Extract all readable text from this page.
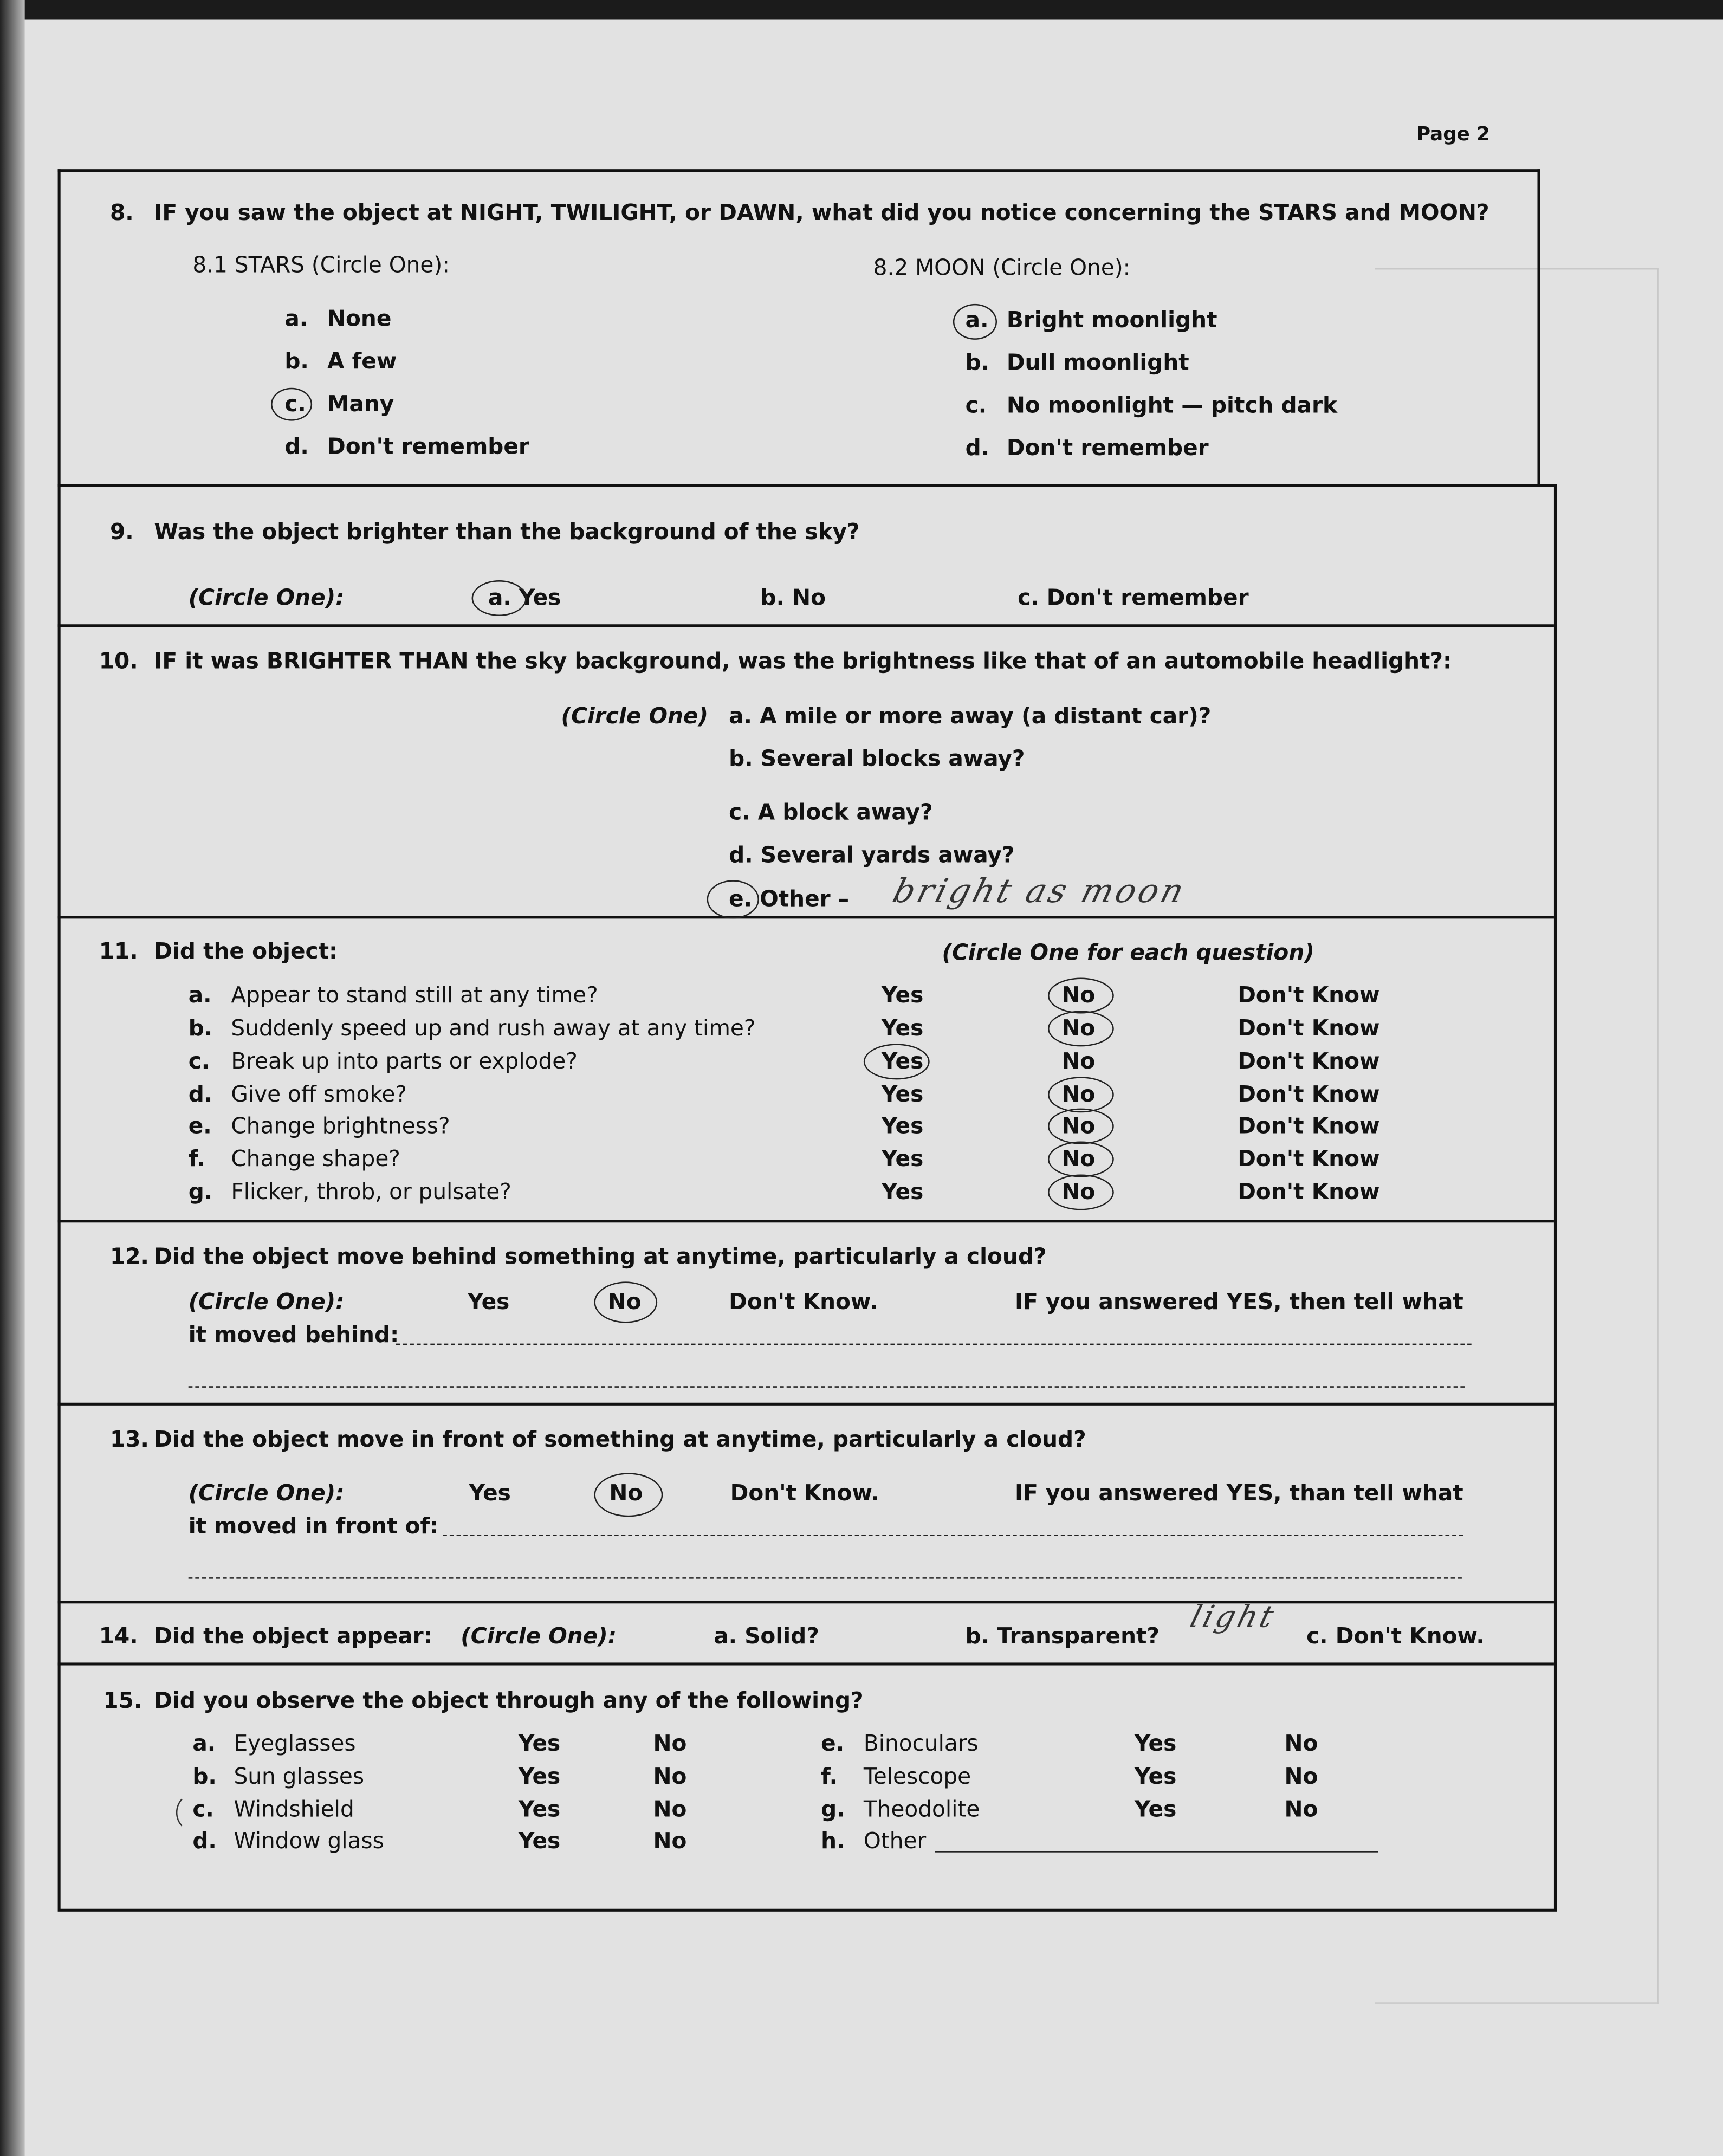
Page 2
8. IF you saw the object at NIGHT, TWILIGHT, or DAWN, what did you notice concerning the STARS and MOON?
8.1 STARS (Circle One):	8.2 MOON (Circle One):
9. Was the object brighter than the background of the sky?
(Circle One):	a. Yes	b. No	c. Don't remember
10. IF it was BRIGHTER THAN the sky background, was the brightness like that of an automobile headlight?:
(Circle One) a. A mile or more away (a distant car)?
b. Several blocks away?
c. A block away?
d. Several yards away?
e. Other –	bright as moon
11. Did the object:	(Circle One for each question)
12. Did the object move behind something at anytime, particularly a cloud?
(Circle One):	Yes	No	Don't Know.	IF you answered YES, then tell what
it moved behind:
13. Did the object move in front of something at anytime, particularly a cloud?
(Circle One):	Yes	No	Don't Know.	IF you answered YES, than tell what
it moved in front of:
14. Did the object appear:	(Circle One):	a. Solid?	b. Transparent?
light
c. Don't Know.
15. Did you observe the object through any of the following?
a. None
b. A few
c. Many
d. Don't remember
a. Bright moonlight
b. Dull moonlight
c. No moonlight — pitch dark
d. Don't remember
a. Appear to stand still at any time?	Yes	No	Don't Know
b. Suddenly speed up and rush away at any time?	Yes	No	Don't Know
c. Break up into parts or explode?	Yes	No	Don't Know
d. Give off smoke?	Yes	No	Don't Know
e. Change brightness?	Yes	No	Don't Know
f.	Change shape?	Yes	No	Don't Know
g. Flicker, throb, or pulsate?	Yes	No	Don't Know
a. Eyeglasses	Yes	No
b. Sun glasses	Yes	No
c. Windshield	Yes	No
d. Window glass	Yes	No
e. Binoculars	Yes	No
f.	Telescope	Yes	No
g. Theodolite	Yes	No
h. Other
